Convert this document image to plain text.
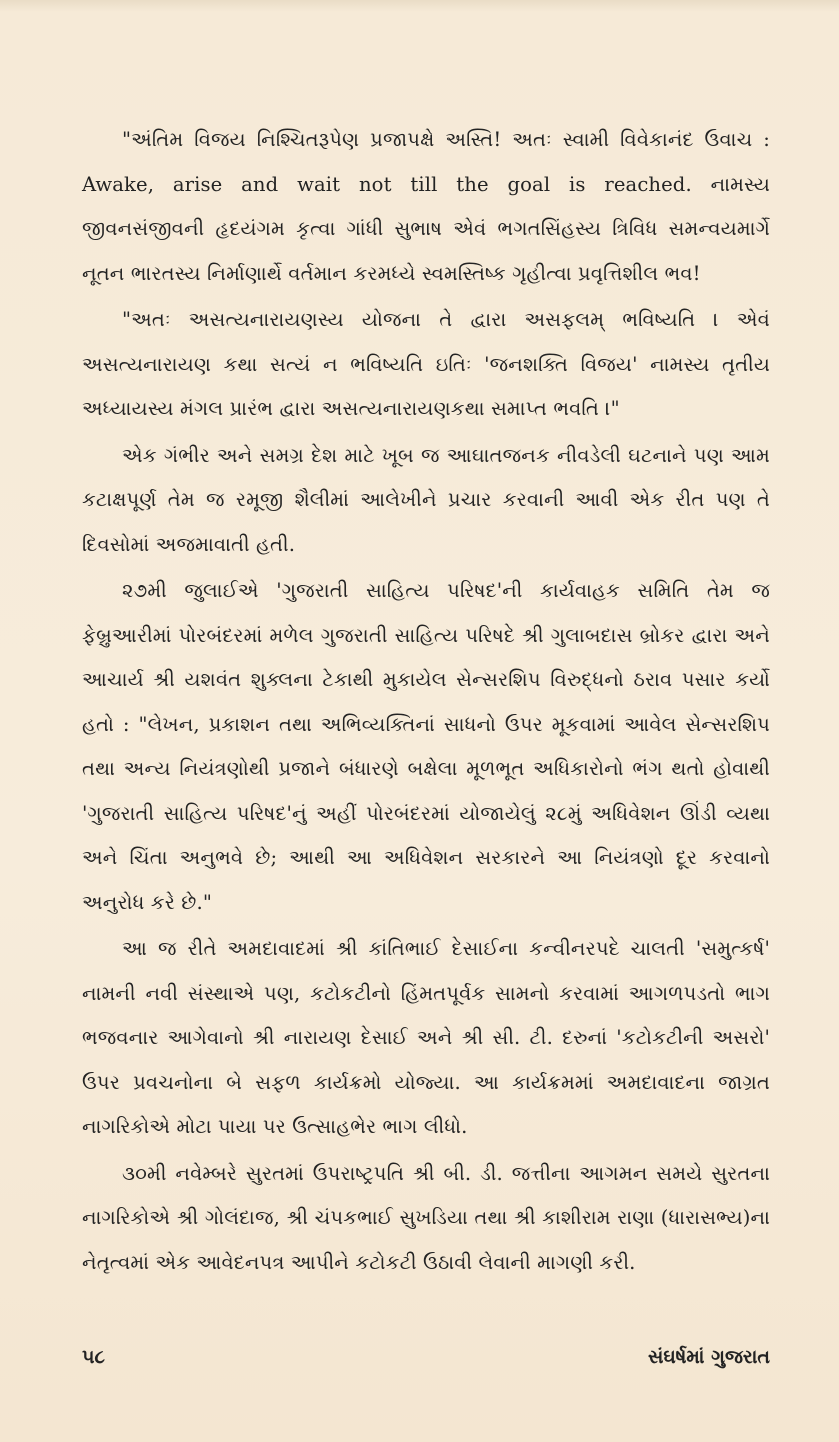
"અંતિમ વિજય નિશ્ચિતરૂપેણ પ્રજાપક્ષે અસ્તિ! અતઃ સ્વામી વિવેકાનંદ ઉવાચ : Awake, arise and wait not till the goal is reached. નામસ્ય જીવનસંજીવની હૃદયંગમ કૃત્વા ગાંધી સુભાષ એવં ભગતસિંહસ્ય ત્રિવિધ સમન્વયમાર્ગે નૂતન ભારતસ્ય નિર્માણાર્થે વર્તમાન કરમધ્યે સ્વમસ્તિષ્ક ગૃહીત્વા પ્રવૃત્તિશીલ ભવ!

"અતઃ અસત્યનારાયણસ્ય યોજના તે દ્વારા અસફલમ્ ભવિષ્યતિ । એવં અસત્યનારાયણ કથા સત્યં ન ભવિષ્યતિ ઇતિઃ 'જનશક્તિ વિજય' નામસ્ય તૃતીય અધ્યાયસ્ય મંગલ પ્રારંભ દ્વારા અસત્યનારાયણકથા સમાપ્ત ભવતિ ।"

એક ગંભીર અને સમગ્ર દેશ માટે ખૂબ જ આઘાતજનક નીવડેલી ઘટનાને પણ આમ કટાક્ષપૂર્ણ તેમ જ રમૂજી શૈલીમાં આલેખીને પ્રચાર કરવાની આવી એક રીત પણ તે દિવસોમાં અજમાવાતી હતી.

૨૭મી જુલાઈએ 'ગુજરાતી સાહિત્ય પરિષદ'ની કાર્યવાહક સમિતિ તેમ જ ફેબ્રુઆરીમાં પોરબંદરમાં મળેલ ગુજરાતી સાહિત્ય પરિષદે શ્રી ગુલાબદાસ બ્રોકર દ્વારા અને આચાર્ય શ્રી યશવંત શુક્લના ટેકાથી મુકાયેલ સેન્સરશિપ વિરુદ્ધનો ઠરાવ પસાર કર્યો હતો : "લેખન, પ્રકાશન તથા અભિવ્યક્તિનાં સાધનો ઉપર મૂકવામાં આવેલ સેન્સરશિપ તથા અન્ય નિયંત્રણોથી પ્રજાને બંધારણે બક્ષેલા મૂળભૂત અધિકારોનો ભંગ થતો હોવાથી 'ગુજરાતી સાહિત્ય પરિષદ'નું અહીં પોરબંદરમાં યોજાયેલું ૨૮મું અધિવેશન ઊંડી વ્યથા અને ચિંતા અનુભવે છે; આથી આ અધિવેશન સરકારને આ નિયંત્રણો દૂર કરવાનો અનુરોધ કરે છે."

આ જ રીતે અમદાવાદમાં શ્રી કાંતિભાઈ દેસાઈના કન્વીનરપદે ચાલતી 'સમુત્કર્ષ' નામની નવી સંસ્થાએ પણ, કટોકટીનો હિંમતપૂર્વક સામનો કરવામાં આગળપડતો ભાગ ભજવનાર આગેવાનો શ્રી નારાયણ દેસાઈ અને શ્રી સી. ટી. દરુનાં 'કટોકટીની અસરો' ઉપર પ્રવચનોના બે સફળ કાર્યક્રમો યોજ્યા. આ કાર્યક્રમમાં અમદાવાદના જાગ્રત નાગરિકોએ મોટા પાયા પર ઉત્સાહભેર ભાગ લીધો.

૩૦મી નવેમ્બરે સુરતમાં ઉપરાષ્ટ્રપતિ શ્રી બી. ડી. જત્તીના આગમન સમયે સુરતના નાગરિકોએ શ્રી ગોલંદાજ, શ્રી ચંપકભાઈ સુખડિયા તથા શ્રી કાશીરામ રાણા (ધારાસભ્ય)ના નેતૃત્વમાં એક આવેદનપત્ર આપીને કટોકટી ઉઠાવી લેવાની માગણી કરી.

૫૮	સંઘર્ષમાં ગુજરાત
